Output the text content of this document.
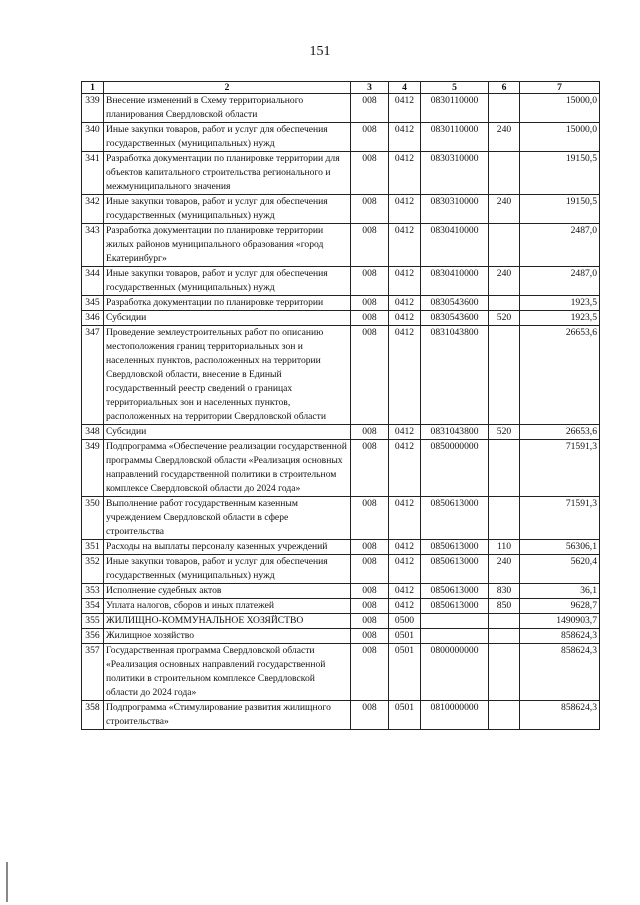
151
1	2	3	4	5	6	7
339	Внесение изменений в Схему территориального планирования Свердловской области	008	0412	0830110000		15000,0
340	Иные закупки товаров, работ и услуг для обеспечения государственных (муниципальных) нужд	008	0412	0830110000	240	15000,0
341	Разработка документации по планировке территории для объектов капитального строительства регионального и межмуниципального значения	008	0412	0830310000		19150,5
342	Иные закупки товаров, работ и услуг для обеспечения государственных (муниципальных) нужд	008	0412	0830310000	240	19150,5
343	Разработка документации по планировке территории жилых районов муниципального образования «город Екатеринбург»	008	0412	0830410000		2487,0
344	Иные закупки товаров, работ и услуг для обеспечения государственных (муниципальных) нужд	008	0412	0830410000	240	2487,0
345	Разработка документации по планировке территории	008	0412	0830543600		1923,5
346	Субсидии	008	0412	0830543600	520	1923,5
347	Проведение землеустроительных работ по описанию местоположения границ территориальных зон и населенных пунктов, расположенных на территории Свердловской области, внесение в Единый государственный реестр сведений о границах территориальных зон и населенных пунктов, расположенных на территории Свердловской области	008	0412	0831043800		26653,6
348	Субсидии	008	0412	0831043800	520	26653,6
349	Подпрограмма «Обеспечение реализации государственной программы Свердловской области «Реализация основных направлений государственной политики в строительном комплексе Свердловской области до 2024 года»	008	0412	0850000000		71591,3
350	Выполнение работ государственным казенным учреждением Свердловской области в сфере строительства	008	0412	0850613000		71591,3
351	Расходы на выплаты персоналу казенных учреждений	008	0412	0850613000	110	56306,1
352	Иные закупки товаров, работ и услуг для обеспечения государственных (муниципальных) нужд	008	0412	0850613000	240	5620,4
353	Исполнение судебных актов	008	0412	0850613000	830	36,1
354	Уплата налогов, сборов и иных платежей	008	0412	0850613000	850	9628,7
355	ЖИЛИЩНО-КОММУНАЛЬНОЕ ХОЗЯЙСТВО	008	0500			1490903,7
356	Жилищное хозяйство	008	0501			858624,3
357	Государственная программа Свердловской области «Реализация основных направлений государственной политики в строительном комплексе Свердловской области до 2024 года»	008	0501	0800000000		858624,3
358	Подпрограмма «Стимулирование развития жилищного строительства»	008	0501	0810000000		858624,3
